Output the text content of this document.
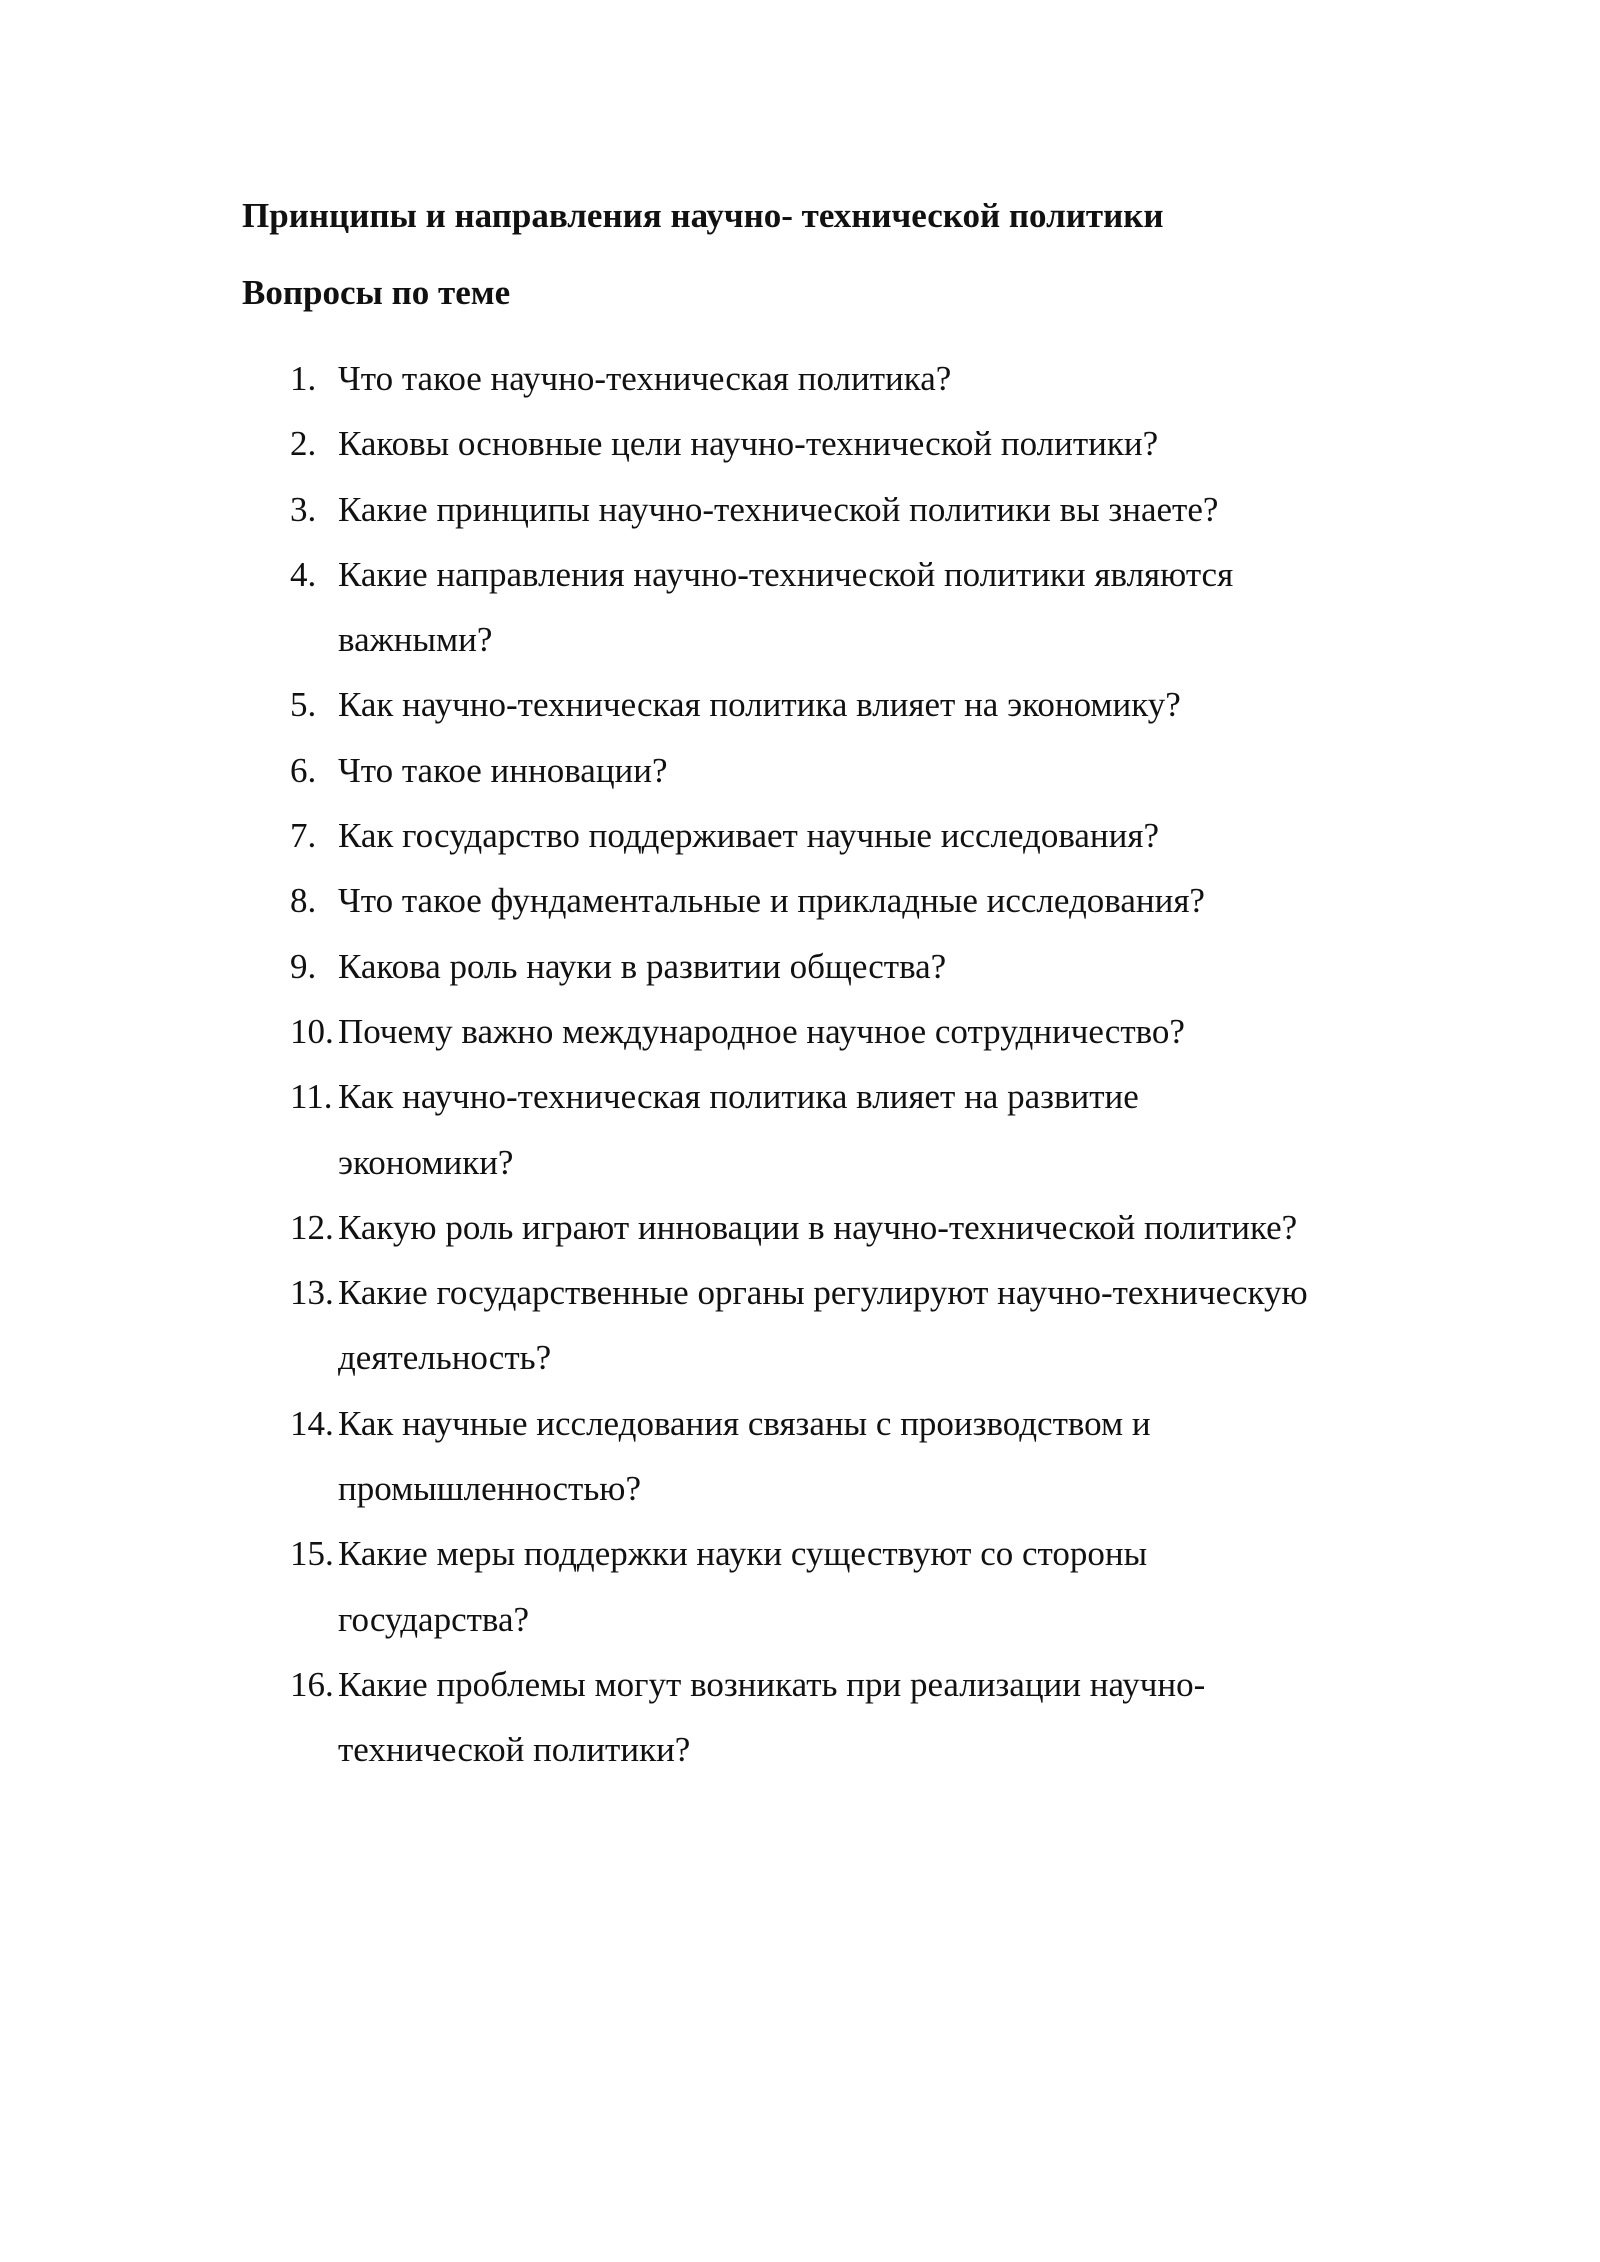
Принципы и направления научно- технической политики
Вопросы по теме
1. Что такое научно-техническая политика?
2. Каковы основные цели научно-технической политики?
3. Какие принципы научно-технической политики вы знаете?
4. Какие направления научно-технической политики являются важными?
5. Как научно-техническая политика влияет на экономику?
6. Что такое инновации?
7. Как государство поддерживает научные исследования?
8. Что такое фундаментальные и прикладные исследования?
9. Какова роль науки в развитии общества?
10. Почему важно международное научное сотрудничество?
11. Как научно-техническая политика влияет на развитие экономики?
12. Какую роль играют инновации в научно-технической политике?
13. Какие государственные органы регулируют научно-техническую деятельность?
14. Как научные исследования связаны с производством и промышленностью?
15. Какие меры поддержки науки существуют со стороны государства?
16. Какие проблемы могут возникать при реализации научно-технической политики?
